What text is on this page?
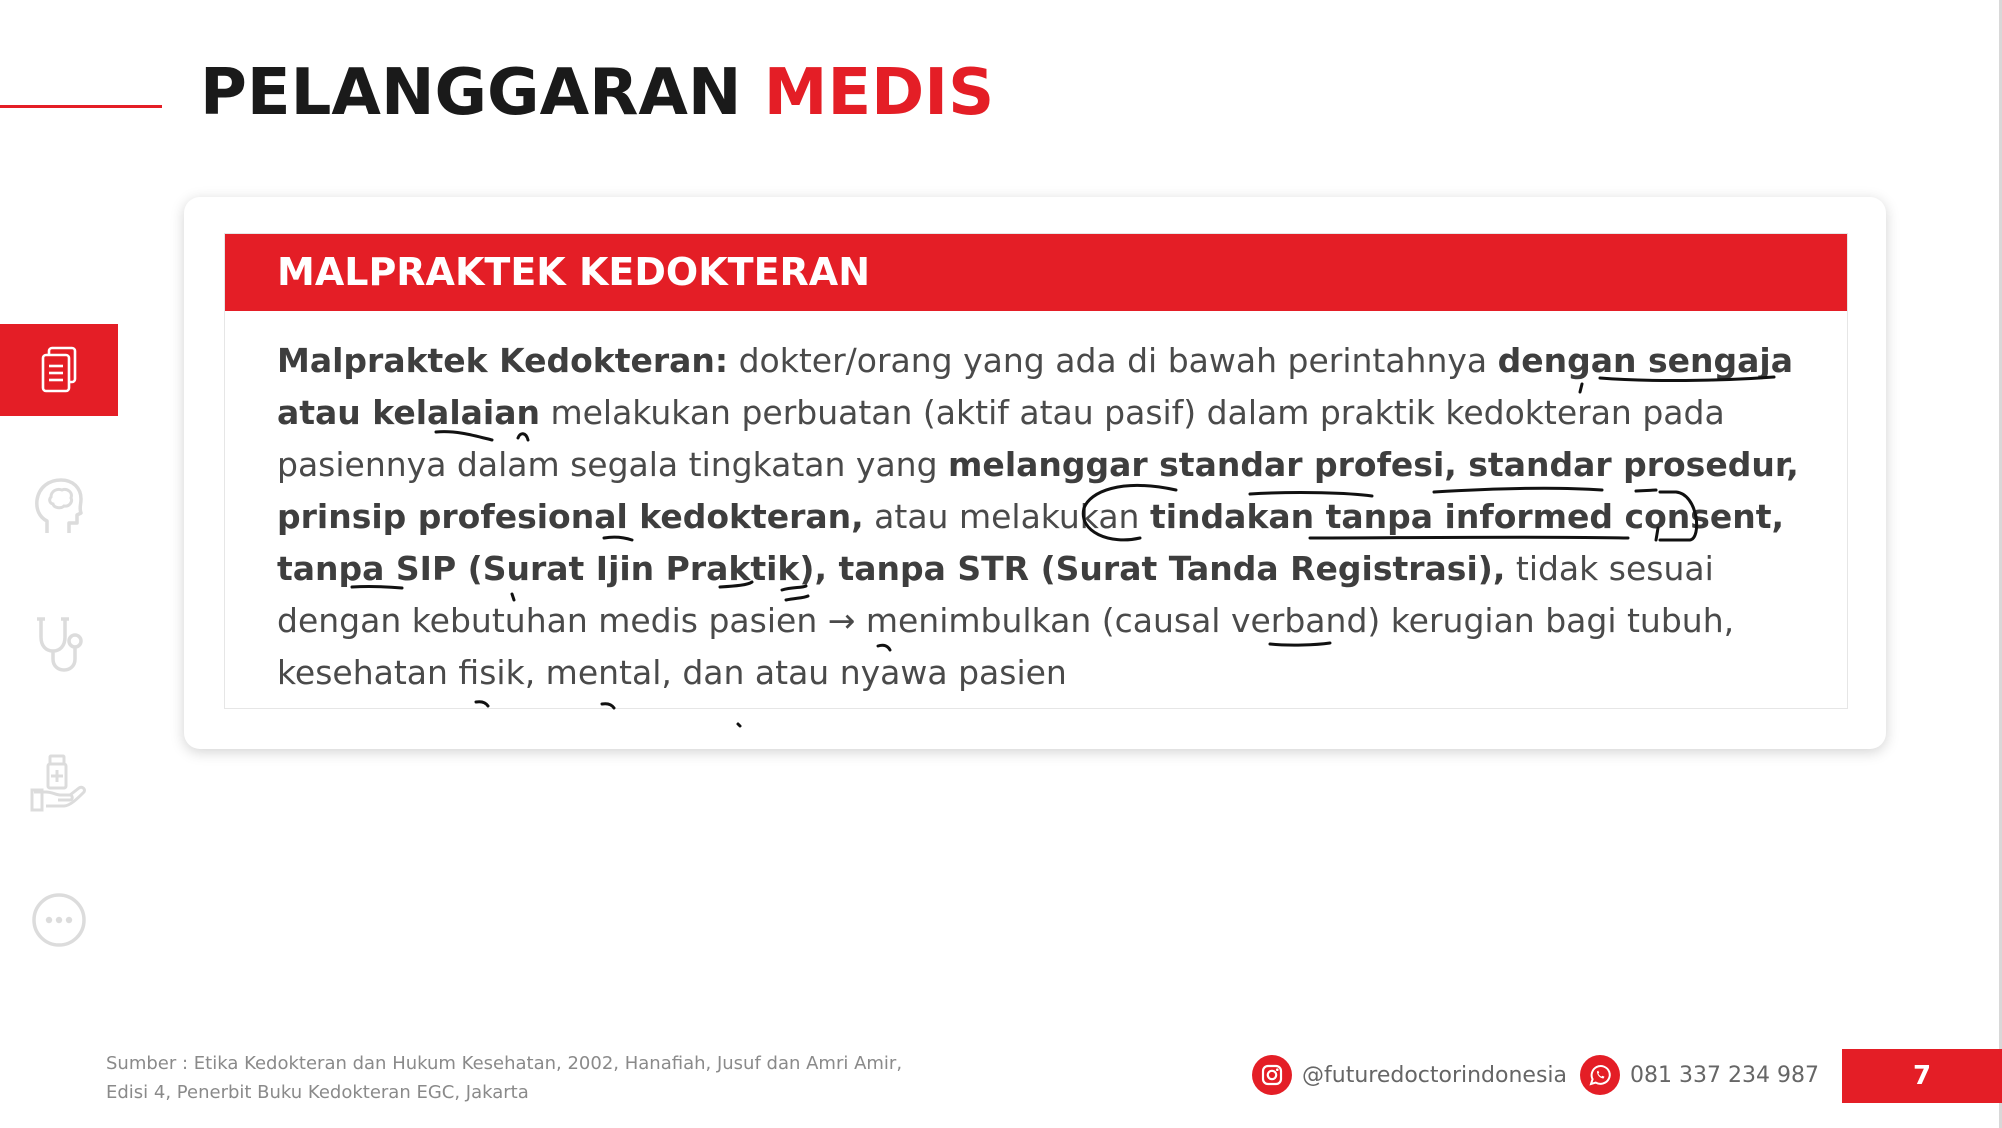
PELANGGARAN MEDIS
MALPRAKTEK KEDOKTERAN
Malpraktek Kedokteran: dokter/orang yang ada di bawah perintahnya dengan sengaja atau kelalaian melakukan perbuatan (aktif atau pasif) dalam praktik kedokteran pada pasiennya dalam segala tingkatan yang melanggar standar profesi, standar prosedur, prinsip profesional kedokteran, atau melakukan tindakan tanpa informed consent, tanpa SIP (Surat Ijin Praktik), tanpa STR (Surat Tanda Registrasi), tidak sesuai dengan kebutuhan medis pasien → menimbulkan (causal verband) kerugian bagi tubuh, kesehatan fisik, mental, dan atau nyawa pasien
Sumber : Etika Kedokteran dan Hukum Kesehatan, 2002, Hanafiah, Jusuf dan Amri Amir,
Edisi 4, Penerbit Buku Kedokteran EGC, Jakarta
@futuredoctorindonesia	081 337 234 987	7
